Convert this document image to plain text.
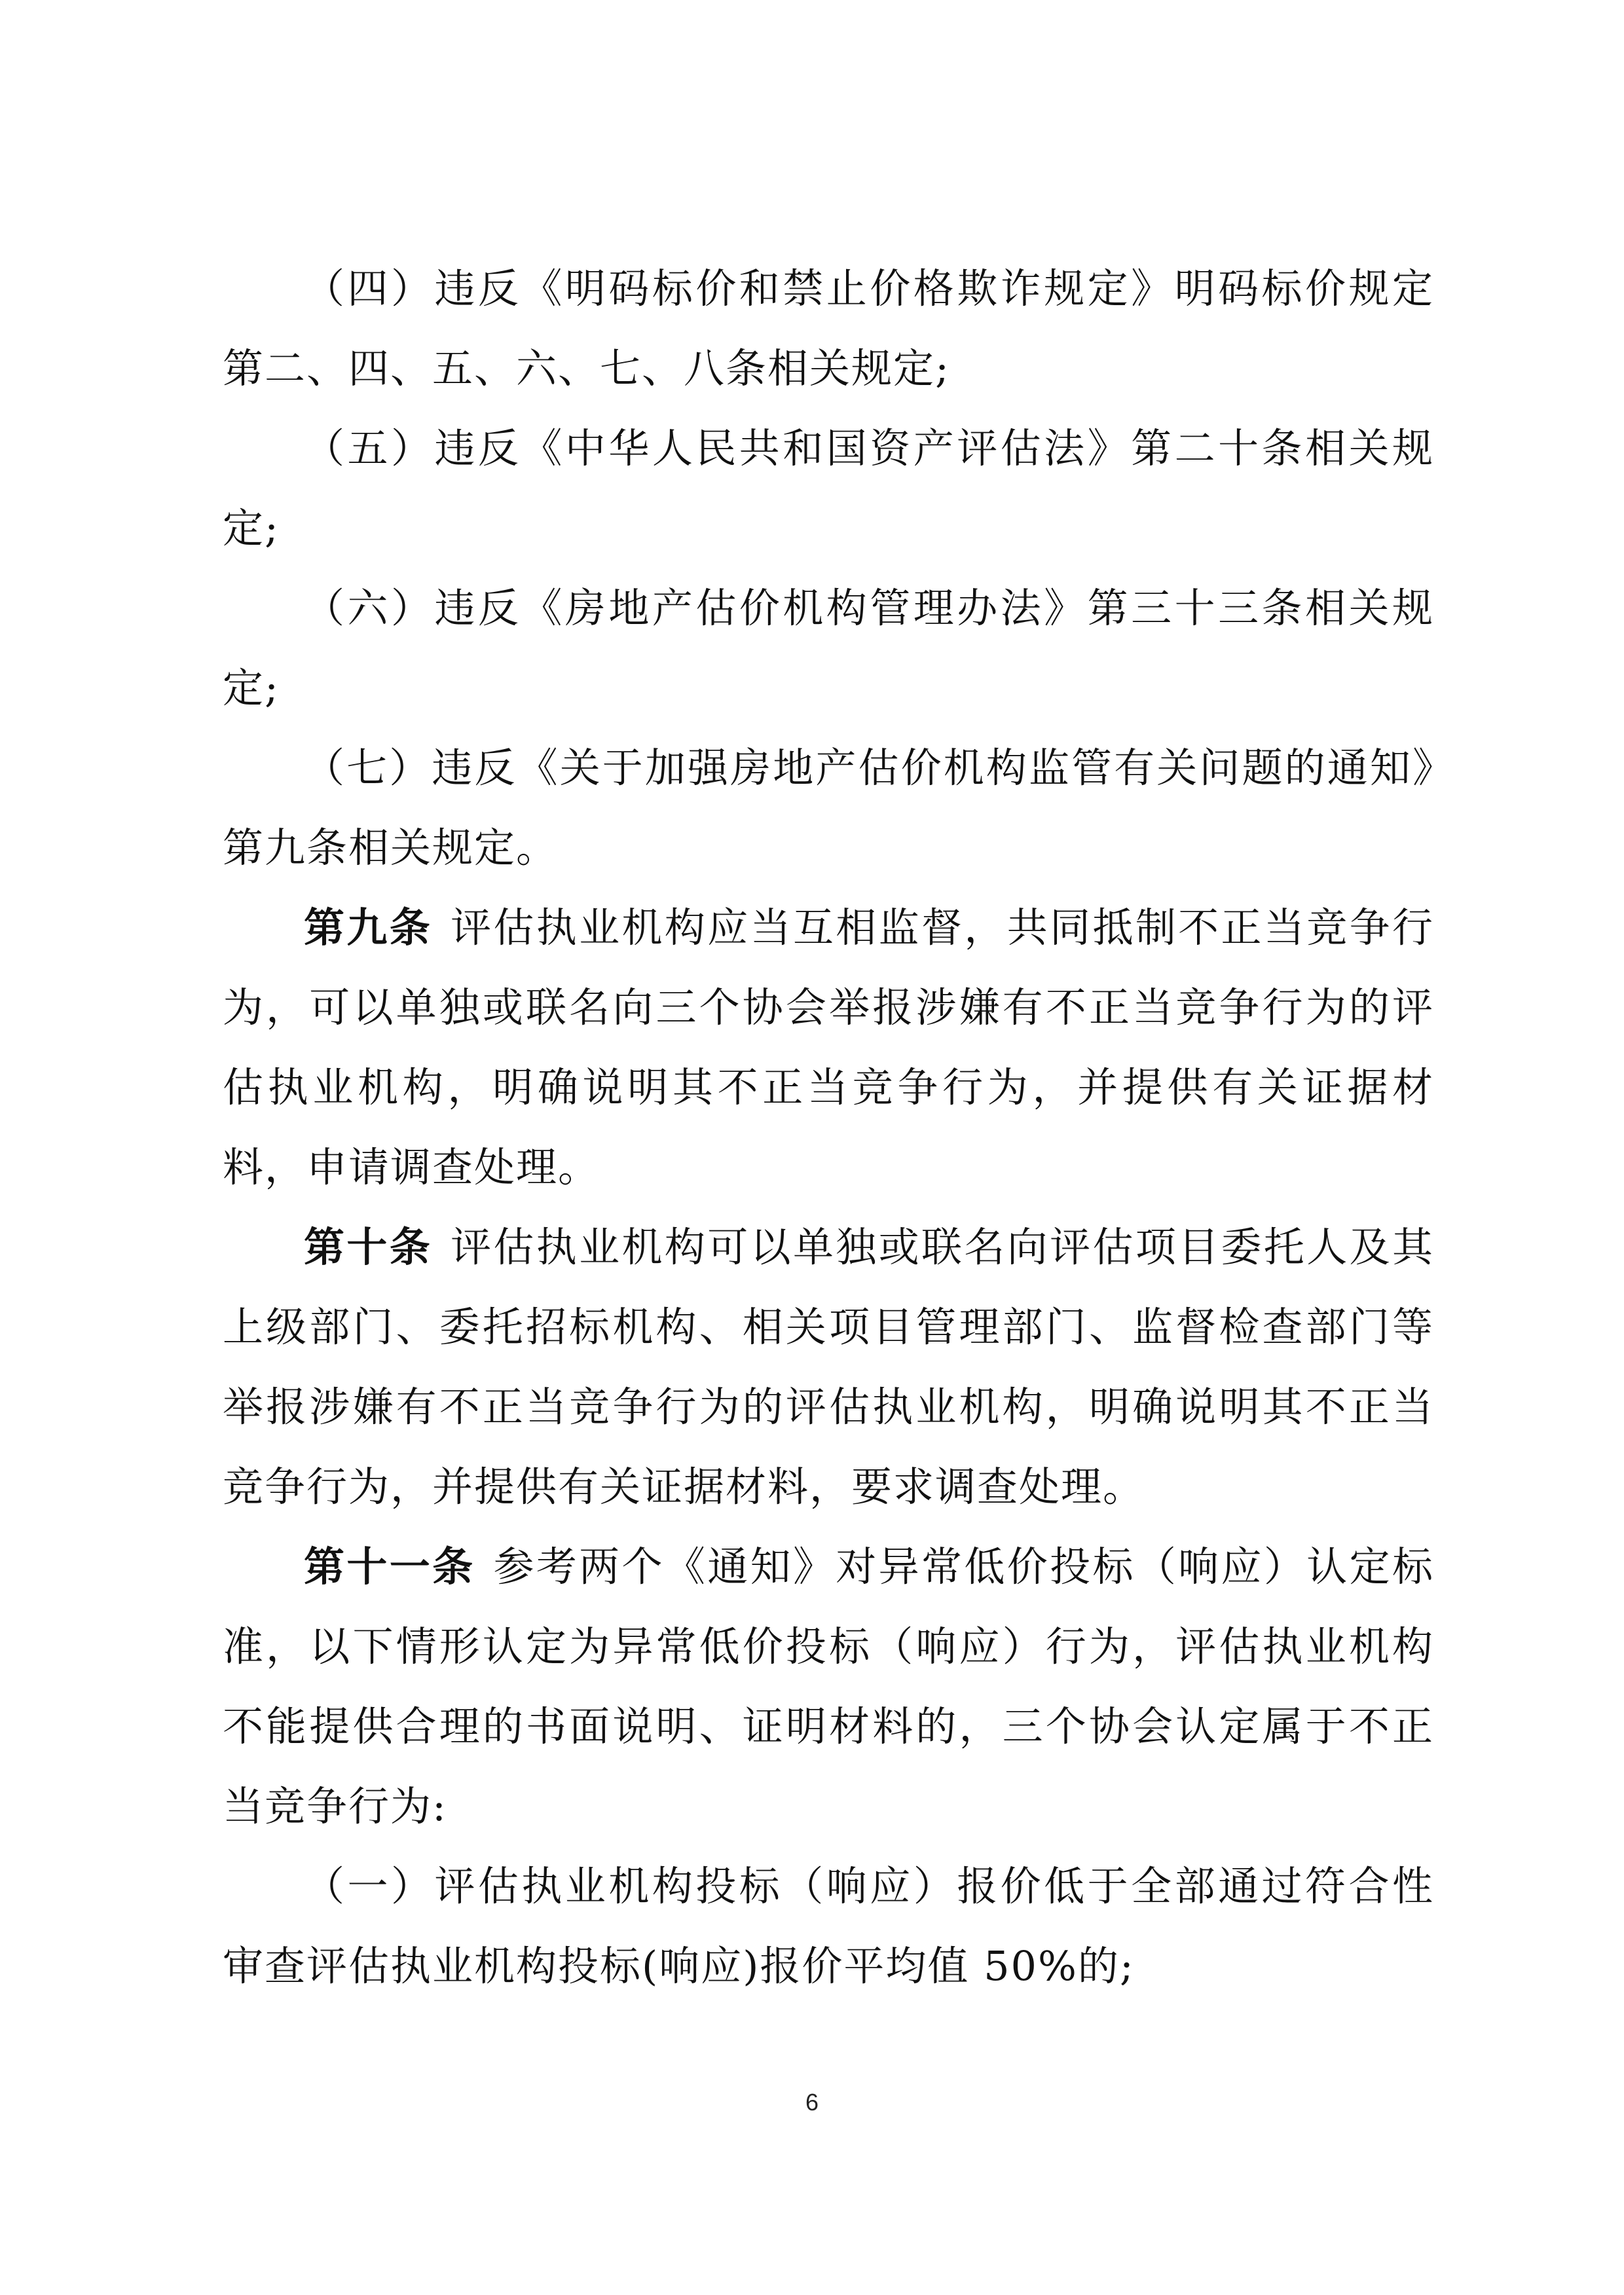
（四）违反《明码标价和禁止价格欺诈规定》明码标价规定第二、四、五、六、七、八条相关规定;

（五）违反《中华人民共和国资产评估法》第二十条相关规定;

（六）违反《房地产估价机构管理办法》第三十三条相关规定;

（七）违反《关于加强房地产估价机构监管有关问题的通知》第九条相关规定。

第九条 评估执业机构应当互相监督，共同抵制不正当竞争行为，可以单独或联名向三个协会举报涉嫌有不正当竞争行为的评估执业机构，明确说明其不正当竞争行为，并提供有关证据材料，申请调查处理。

第十条 评估执业机构可以单独或联名向评估项目委托人及其上级部门、委托招标机构、相关项目管理部门、监督检查部门等举报涉嫌有不正当竞争行为的评估执业机构，明确说明其不正当竞争行为，并提供有关证据材料，要求调查处理。

第十一条 参考两个《通知》对异常低价投标（响应）认定标准，以下情形认定为异常低价投标（响应）行为，评估执业机构不能提供合理的书面说明、证明材料的，三个协会认定属于不正当竞争行为:

（一）评估执业机构投标（响应）报价低于全部通过符合性审查评估执业机构投标(响应)报价平均值 50%的;

6
